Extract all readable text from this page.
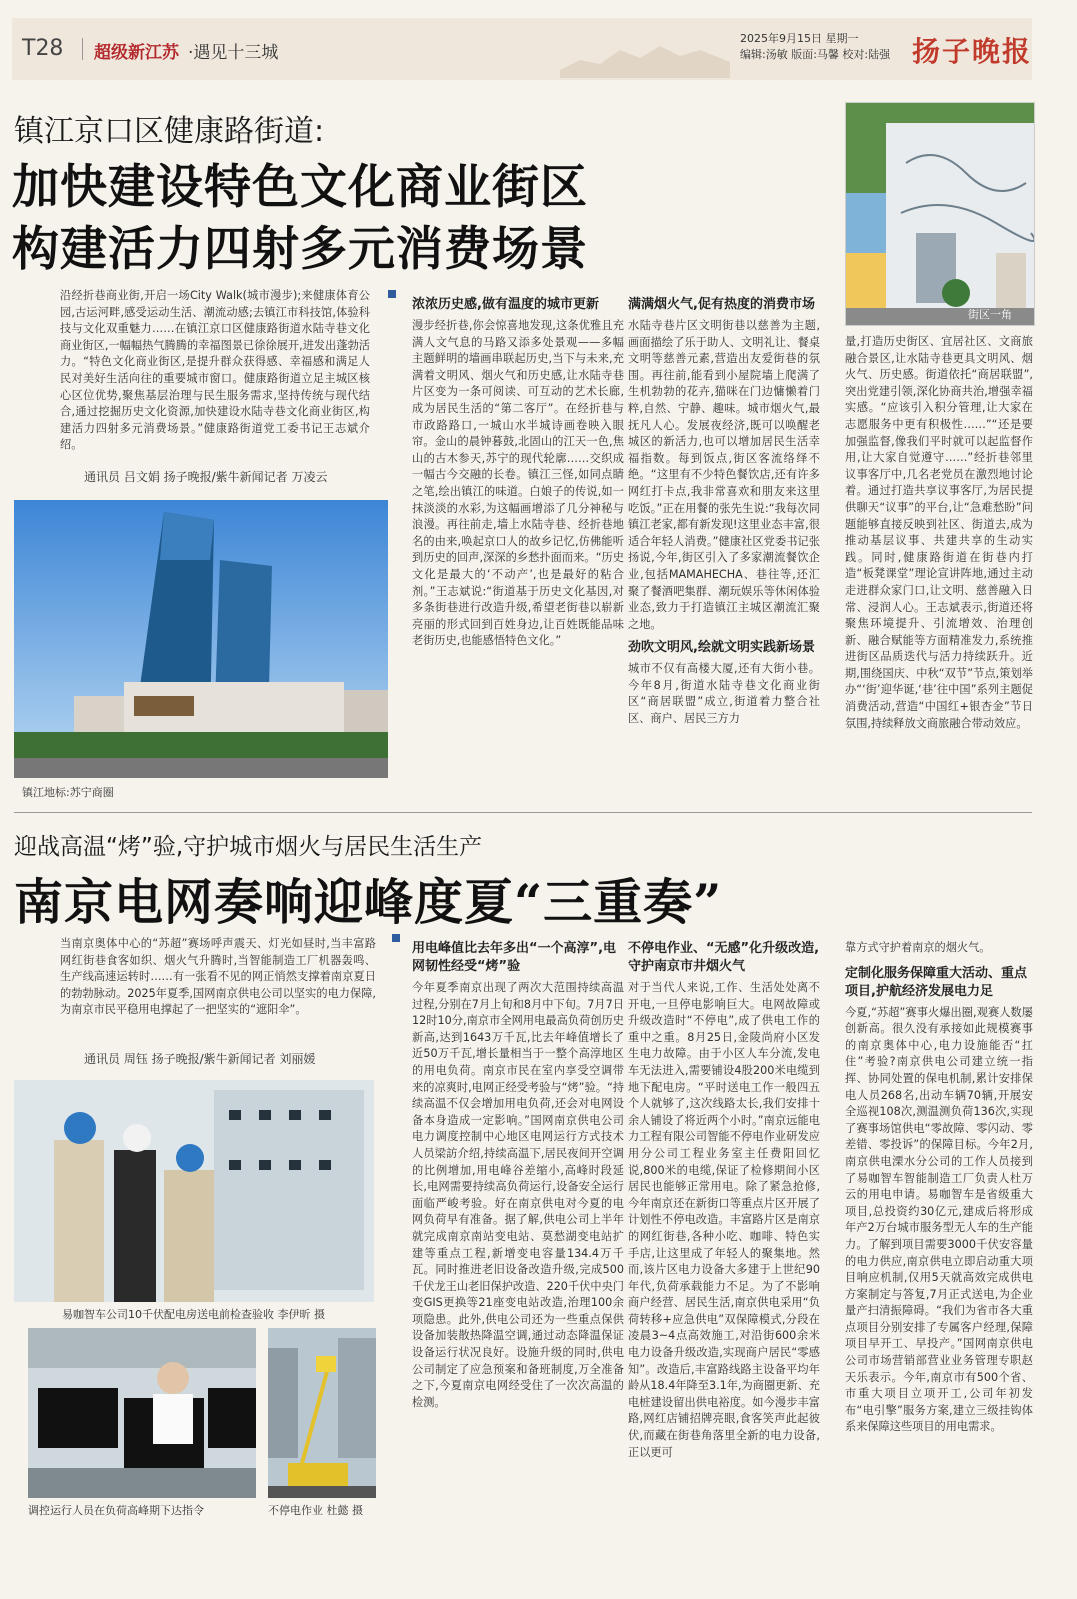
T28 超级新江苏 ·遇见十三城
2025年9月15日 星期一
编辑:汤敏 版面:马馨 校对:陆强 扬子晚报
镇江京口区健康路街道:
加快建设特色文化商业街区
构建活力四射多元消费场景
街区一角
沿经折巷商业街,开启一场City Walk(城市漫步);来健康体育公园,古运河畔,感受运动生活、潮流动感;去镇江市科技馆,体验科技与文化双重魅力……在镇江京口区健康路街道水陆寺巷文化商业街区,一幅幅热气腾腾的幸福图景已徐徐展开,进发出蓬勃活力。“特色文化商业街区,是提升群众获得感、幸福感和满足人民对美好生活向往的重要城市窗口。健康路街道立足主城区核心区位优势,聚焦基层治理与民生服务需求,坚持传统与现代结合,通过挖掘历史文化资源,加快建设水陆寺巷文化商业街区,构建活力四射多元消费场景。”健康路街道党工委书记王志斌介绍。
通讯员 吕文娟 扬子晚报/紫牛新闻记者 万凌云
镇江地标:苏宁商圈
浓浓历史感,做有温度的城市更新
漫步经折巷,你会惊喜地发现,这条优雅且充满人文气息的马路又添多处景观——多幅主题鲜明的墙画串联起历史,当下与未来,充满着文明风、烟火气和历史感,让水陆寺巷片区变为一条可阅读、可互动的艺术长廊,成为居民生活的“第二客厅”。在经折巷与市政路路口,一城山水半城诗画卷映入眼帘。金山的晨钟暮鼓,北固山的江天一色,焦山的古木参天,苏宁的现代轮廓……交织成一幅古今交融的长卷。镇江三怪,如同点睛之笔,绘出镇江的味道。白娘子的传说,如一抹淡淡的水彩,为这幅画增添了几分神秘与浪漫。再往前走,墙上水陆寺巷、经折巷地名的由来,唤起京口人的故乡记忆,仿佛能听到历史的回声,深深的乡愁扑面而来。“历史文化是最大的‘不动产’,也是最好的粘合剂。”王志斌说:“街道基于历史文化基因,对多条街巷进行改造升级,希望老街巷以崭新亮丽的形式回到百姓身边,让百姓既能品味老街历史,也能感悟特色文化。”
满满烟火气,促有热度的消费市场
水陆寺巷片区文明街巷以慈善为主题,画面描绘了乐于助人、文明礼让、餐桌文明等慈善元素,营造出友爱街巷的氛围。再往前,能看到小屋院墙上爬满了生机勃勃的花卉,猫咪在门边慵懒着门粹,自然、宁静、趣味。城市烟火气,最抚凡人心。发展夜经济,既可以唤醒老城区的新活力,也可以增加居民生活幸福指数。每到饭点,街区客流络绎不绝。“这里有不少特色餐饮店,还有许多网红打卡点,我非常喜欢和朋友来这里吃饭。”正在用餐的张先生说:“我每次同镇江老家,都有新发现!这里业态丰富,很适合年轻人消费。”健康社区党委书记张扬说,今年,街区引入了多家潮流餐饮企业,包括MAMAHECHA、巷往等,还汇聚了餐酒吧集群、潮玩娱乐等休闲体验业态,致力于打造镇江主城区潮流汇聚之地。
劲吹文明风,绘就文明实践新场景
城市不仅有高楼大厦,还有大街小巷。今年8月,街道水陆寺巷文化商业街区“商居联盟”成立,街道着力整合社区、商户、居民三方力
量,打造历史街区、宜居社区、文商旅融合景区,让水陆寺巷更具文明风、烟火气、历史感。街道依托“商居联盟”,突出党建引领,深化协商共治,增强幸福实感。“应该引入积分管理,让大家在志愿服务中更有积极性……”“还是要加强监督,像我们平时就可以起监督作用,让大家自觉遵守……”经折巷邻里议事客厅中,几名老党员在激烈地讨论着。通过打造共享议事客厅,为居民提供聊天“议事”的平台,让“急难愁盼”问题能够直接反映到社区、街道去,成为推动基层议事、共建共享的生动实践。同时,健康路街道在街巷内打造“板凳课堂”理论宣讲阵地,通过主动走进群众家门口,让文明、慈善融入日常、浸润人心。王志斌表示,街道还将聚焦环境提升、引流增效、治理创新、融合赋能等方面精准发力,系统推进街区品质迭代与活力持续跃升。近期,围绕国庆、中秋“双节”节点,策划举办“‘街’迎华诞,‘巷’往中国”系列主题促消费活动,营造“中国红+银杏金”节日氛围,持续释放文商旅融合带动效应。
迎战高温“烤”验,守护城市烟火与居民生活生产
南京电网奏响迎峰度夏“三重奏”
当南京奥体中心的“苏超”赛场呼声震天、灯光如昼时,当丰富路网红街巷食客如织、烟火气升腾时,当智能制造工厂机器轰鸣、生产线高速运转时……有一张看不见的网正悄然支撑着南京夏日的勃勃脉动。2025年夏季,国网南京供电公司以坚实的电力保障,为南京市民平稳用电撑起了一把坚实的“遮阳伞”。
通讯员 周钰 扬子晚报/紫牛新闻记者 刘丽媛
易咖智车公司10千伏配电房送电前检查验收 李伊昕 摄
调控运行人员在负荷高峰期下达指令	不停电作业 杜懿 摄
用电峰值比去年多出“一个高淳”,电网韧性经受“烤”验
今年夏季南京出现了两次大范围持续高温过程,分别在7月上旬和8月中下旬。7月7日12时10分,南京市全网用电最高负荷创历史新高,达到1643万千瓦,比去年峰值增长了近50万千瓦,增长量相当于一整个高淳地区的用电负荷。南京市民在室内享受空调带来的凉爽时,电网正经受考验与“烤”验。“持续高温不仅会增加用电负荷,还会对电网设备本身造成一定影响。”国网南京供电公司电力调度控制中心地区电网运行方式技术人员梁訪介绍,持续高温下,居民夜间开空调的比例增加,用电峰谷差缩小,高峰时段延长,电网需要持续高负荷运行,设备安全运行面临严峻考验。好在南京供电对今夏的电网负荷早有准备。据了解,供电公司上半年就完成南京南站变电站、莫愁湖变电站扩建等重点工程,新增变电容量134.4万千瓦。同时推进老旧设备改造升级,完成500千伏龙王山老旧保护改造、220千伏中央门变GIS更换等21座变电站改造,治理100余项隐患。此外,供电公司还为一些重点保供设备加装散热降温空调,通过动态降温保证设备运行状况良好。设施升级的同时,供电公司制定了应急预案和备班制度,万全准备之下,今夏南京电网经受住了一次次高温的检测。
不停电作业、“无感”化升级改造,守护南京市井烟火气
对于当代人来说,工作、生活处处离不开电,一旦停电影响巨大。电网故障或升级改造时“不停电”,成了供电工作的重中之重。8月25日,金陵尚府小区发生电力故障。由于小区人车分流,发电车无法进入,需要铺设4股200米电缆到地下配电房。“平时送电工作一般四五个人就够了,这次线路太长,我们安排十余人铺设了将近两个小时。”南京远能电力工程有限公司智能不停电作业研发应用分公司工程业务室主任费阳回忆说,800米的电缆,保证了检修期间小区居民也能够正常用电。除了紧急抢修,今年南京还在新街口等重点片区开展了计划性不停电改造。丰富路片区是南京的网红街巷,各种小吃、咖啡、特色实手店,让这里成了年轻人的聚集地。然而,该片区电力设备大多建于上世纪90年代,负荷承载能力不足。为了不影响商户经营、居民生活,南京供电采用“负荷转移+应急供电”双保障模式,分段在凌晨3~4点高效施工,对沿街600余米电力设备升级改造,实现商户居民“零感知”。改造后,丰富路线路主设备平均年龄从18.4年降至3.1年,为商圈更新、充电桩建设留出供电裕度。如今漫步丰富路,网红店铺招牌亮眼,食客笑声此起彼伏,而藏在街巷角落里全新的电力设备,正以更可
靠方式守护着南京的烟火气。
定制化服务保障重大活动、重点项目,护航经济发展电力足
今夏,“苏超”赛事火爆出圈,观赛人数屡创新高。很久没有承接如此规模赛事的南京奥体中心,电力设施能否“扛住”考验?南京供电公司建立统一指挥、协同处置的保电机制,累计安排保电人员268名,出动车辆70辆,开展安全巡视108次,测温测负荷136次,实现了赛事场馆供电“零故障、零闪动、零差错、零投诉”的保障目标。今年2月,南京供电溧水分公司的工作人员接到了易咖智车智能制造工厂负责人杜万云的用电申请。易咖智车是省级重大项目,总投资约30亿元,建成后将形成年产2万台城市服务型无人车的生产能力。了解到项目需要3000千伏安容量的电力供应,南京供电立即启动重大项目响应机制,仅用5天就高效完成供电方案制定与答复,7月正式送电,为企业量产扫清振障碍。“我们为省市各大重点项目分别安排了专属客户经理,保障项目早开工、早投产。”国网南京供电公司市场营销部营业业务管理专职赵天乐表示。今年,南京市有500个省、市重大项目立项开工,公司年初发布“电引擎”服务方案,建立三级挂钩体系来保障这些项目的用电需求。
